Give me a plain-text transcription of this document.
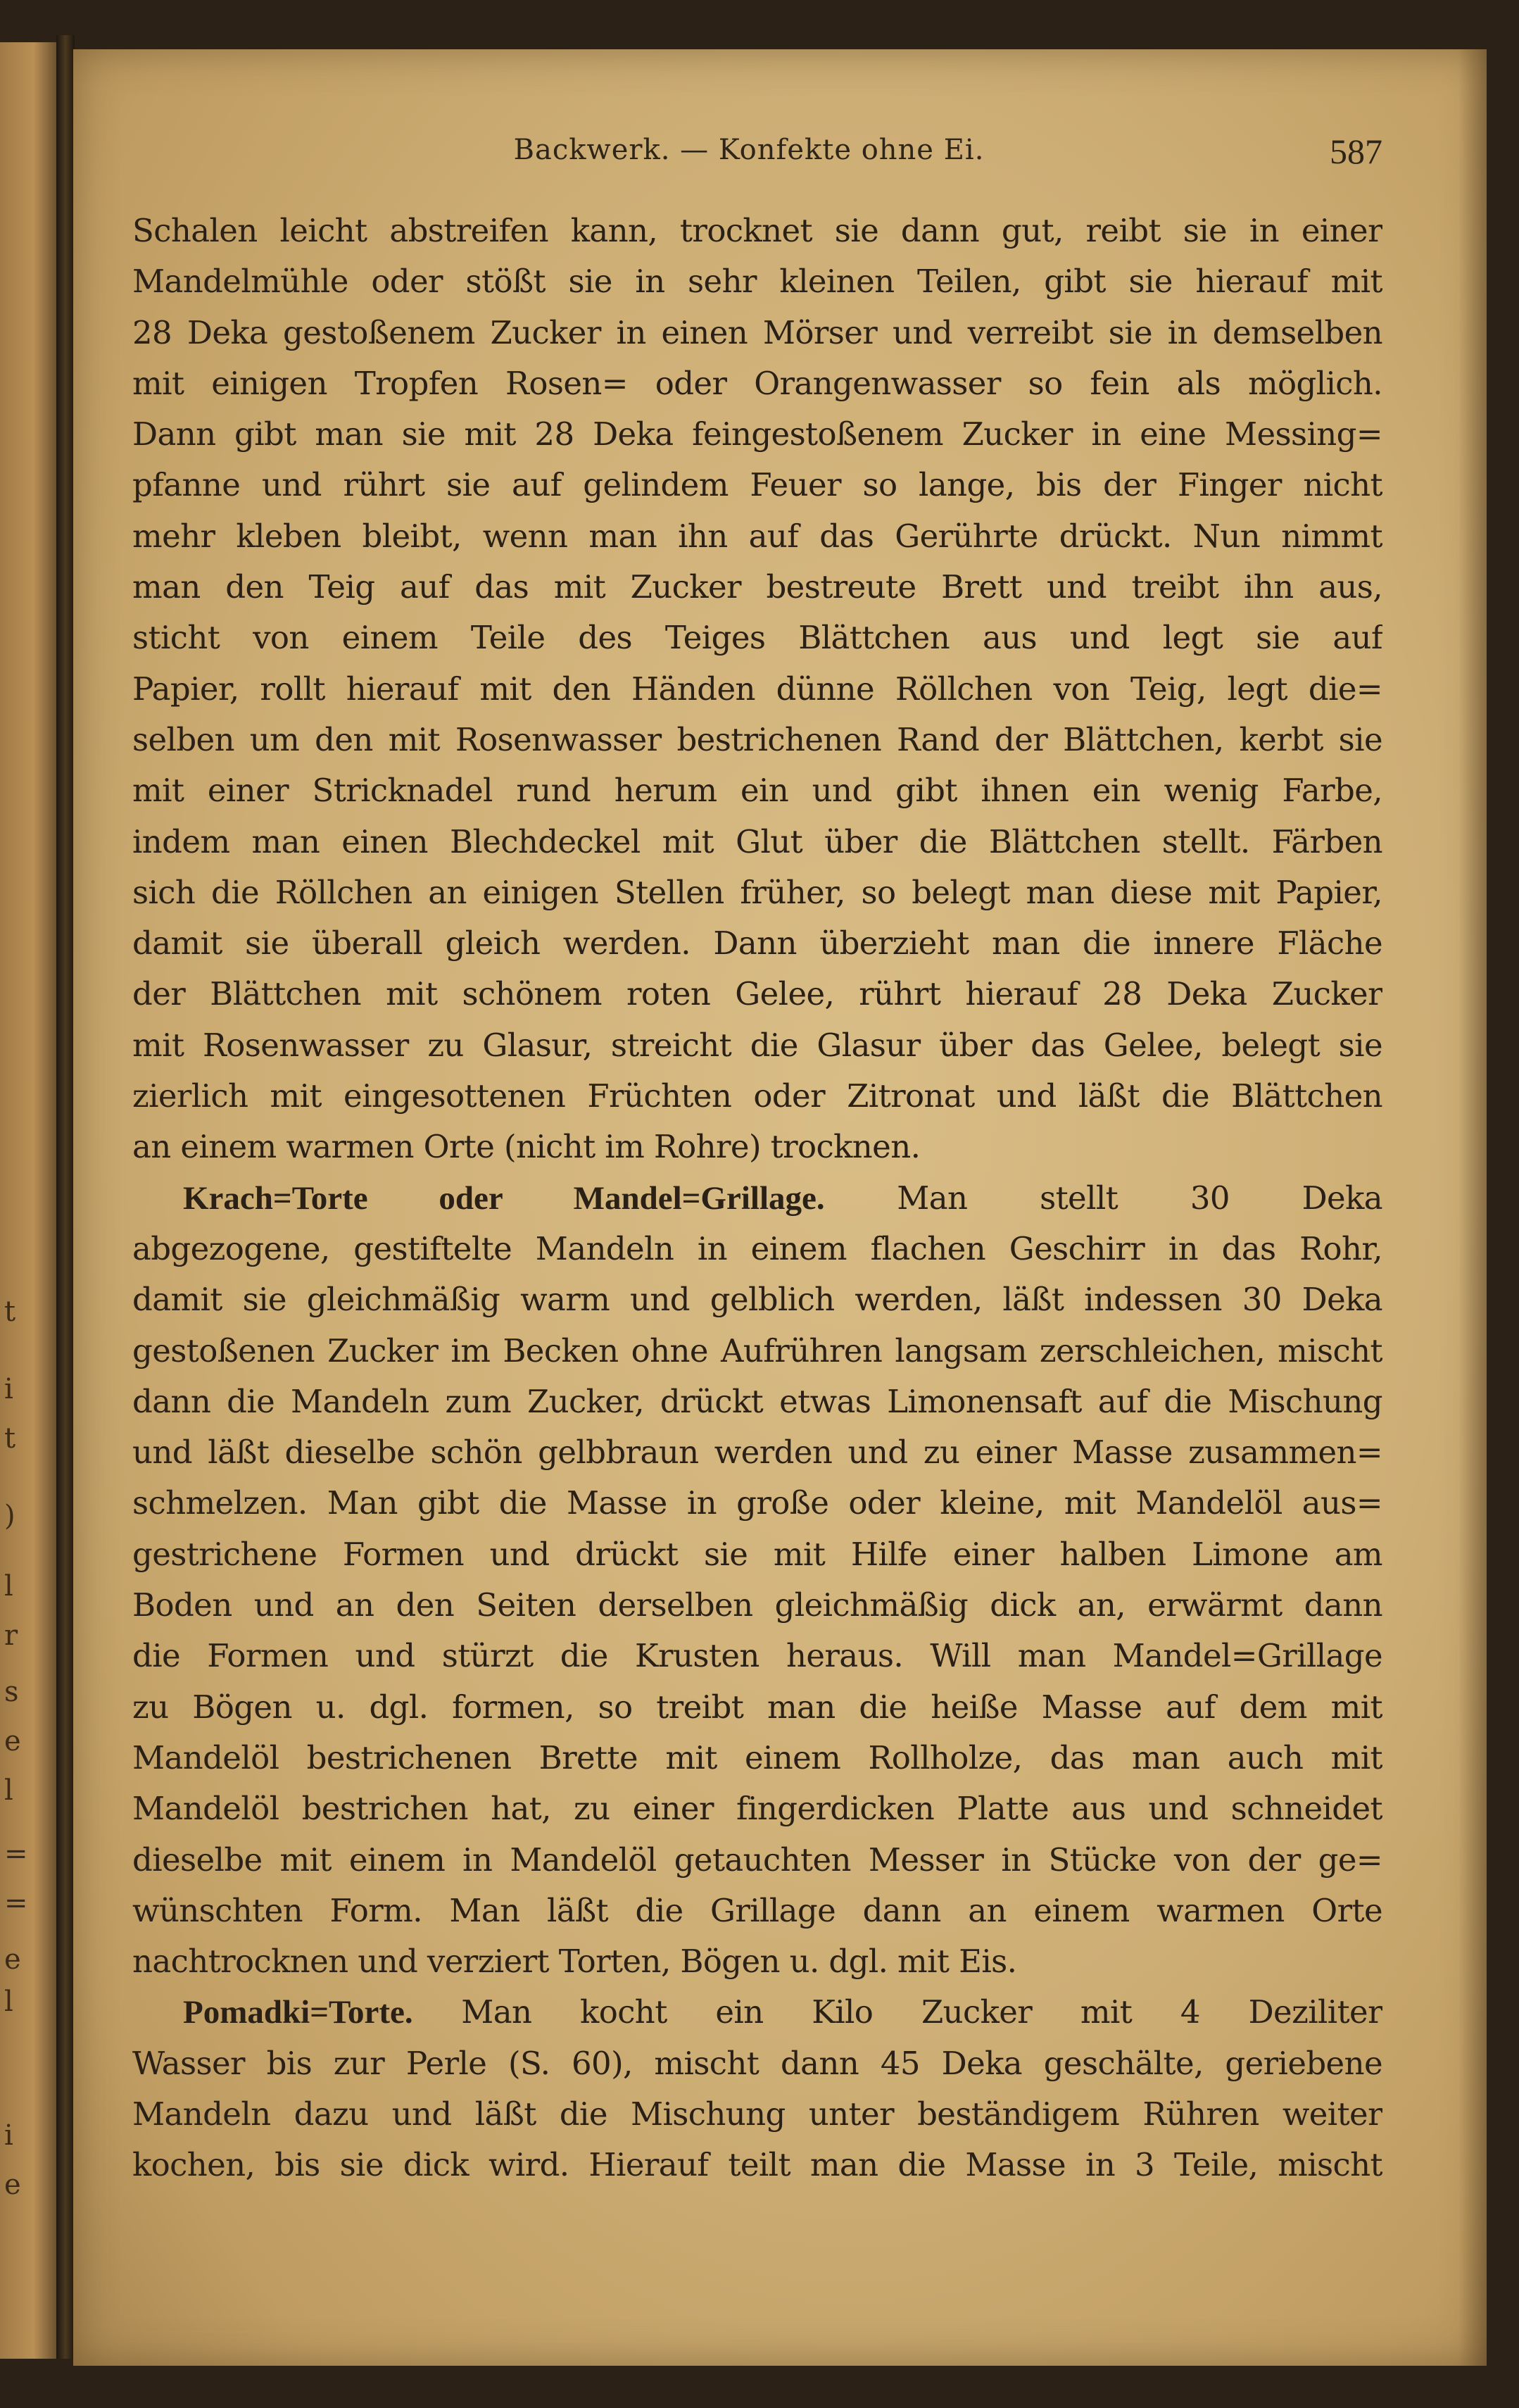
t
i
t
)
l
r
s
e
l
=
=
e
l
i
e
Backwerk. — Konfekte ohne Ei.	587
Schalen leicht abstreifen kann, trocknet sie dann gut, reibt sie in einer
Mandelmühle oder stößt sie in sehr kleinen Teilen, gibt sie hierauf mit
28 Deka gestoßenem Zucker in einen Mörser und verreibt sie in demselben
mit einigen Tropfen Rosen= oder Orangenwasser so fein als möglich.
Dann gibt man sie mit 28 Deka feingestoßenem Zucker in eine Messing=
pfanne und rührt sie auf gelindem Feuer so lange, bis der Finger nicht
mehr kleben bleibt, wenn man ihn auf das Gerührte drückt. Nun nimmt
man den Teig auf das mit Zucker bestreute Brett und treibt ihn aus,
sticht von einem Teile des Teiges Blättchen aus und legt sie auf
Papier, rollt hierauf mit den Händen dünne Röllchen von Teig, legt die=
selben um den mit Rosenwasser bestrichenen Rand der Blättchen, kerbt sie
mit einer Stricknadel rund herum ein und gibt ihnen ein wenig Farbe,
indem man einen Blechdeckel mit Glut über die Blättchen stellt. Färben
sich die Röllchen an einigen Stellen früher, so belegt man diese mit Papier,
damit sie überall gleich werden. Dann überzieht man die innere Fläche
der Blättchen mit schönem roten Gelee, rührt hierauf 28 Deka Zucker
mit Rosenwasser zu Glasur, streicht die Glasur über das Gelee, belegt sie
zierlich mit eingesottenen Früchten oder Zitronat und läßt die Blättchen
an einem warmen Orte (nicht im Rohre) trocknen.
Krach=Torte oder Mandel=Grillage. Man stellt 30 Deka
abgezogene, gestiftelte Mandeln in einem flachen Geschirr in das Rohr,
damit sie gleichmäßig warm und gelblich werden, läßt indessen 30 Deka
gestoßenen Zucker im Becken ohne Aufrühren langsam zerschleichen, mischt
dann die Mandeln zum Zucker, drückt etwas Limonensaft auf die Mischung
und läßt dieselbe schön gelbbraun werden und zu einer Masse zusammen=
schmelzen. Man gibt die Masse in große oder kleine, mit Mandelöl aus=
gestrichene Formen und drückt sie mit Hilfe einer halben Limone am
Boden und an den Seiten derselben gleichmäßig dick an, erwärmt dann
die Formen und stürzt die Krusten heraus. Will man Mandel=Grillage
zu Bögen u. dgl. formen, so treibt man die heiße Masse auf dem mit
Mandelöl bestrichenen Brette mit einem Rollholze, das man auch mit
Mandelöl bestrichen hat, zu einer fingerdicken Platte aus und schneidet
dieselbe mit einem in Mandelöl getauchten Messer in Stücke von der ge=
wünschten Form. Man läßt die Grillage dann an einem warmen Orte
nachtrocknen und verziert Torten, Bögen u. dgl. mit Eis.
Pomadki=Torte. Man kocht ein Kilo Zucker mit 4 Deziliter
Wasser bis zur Perle (S. 60), mischt dann 45 Deka geschälte, geriebene
Mandeln dazu und läßt die Mischung unter beständigem Rühren weiter
kochen, bis sie dick wird. Hierauf teilt man die Masse in 3 Teile, mischt
